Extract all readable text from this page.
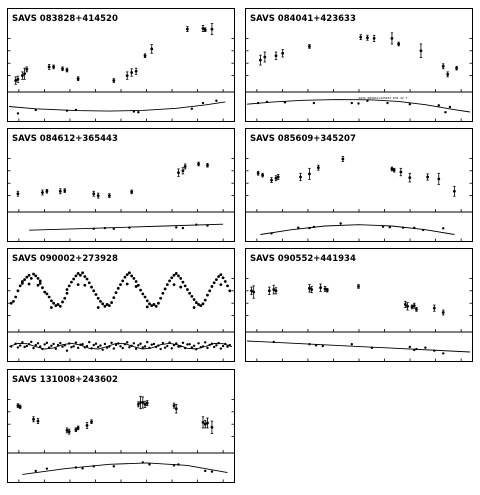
SAVS 083828+414520	SAVS 084041+423633
SAVS 084041+423633 P=0.32 T
SAVS 084612+365443	SAVS 085609+345207
SAVS 090002+273928	SAVS 090552+441934
SAVS 131008+243602
